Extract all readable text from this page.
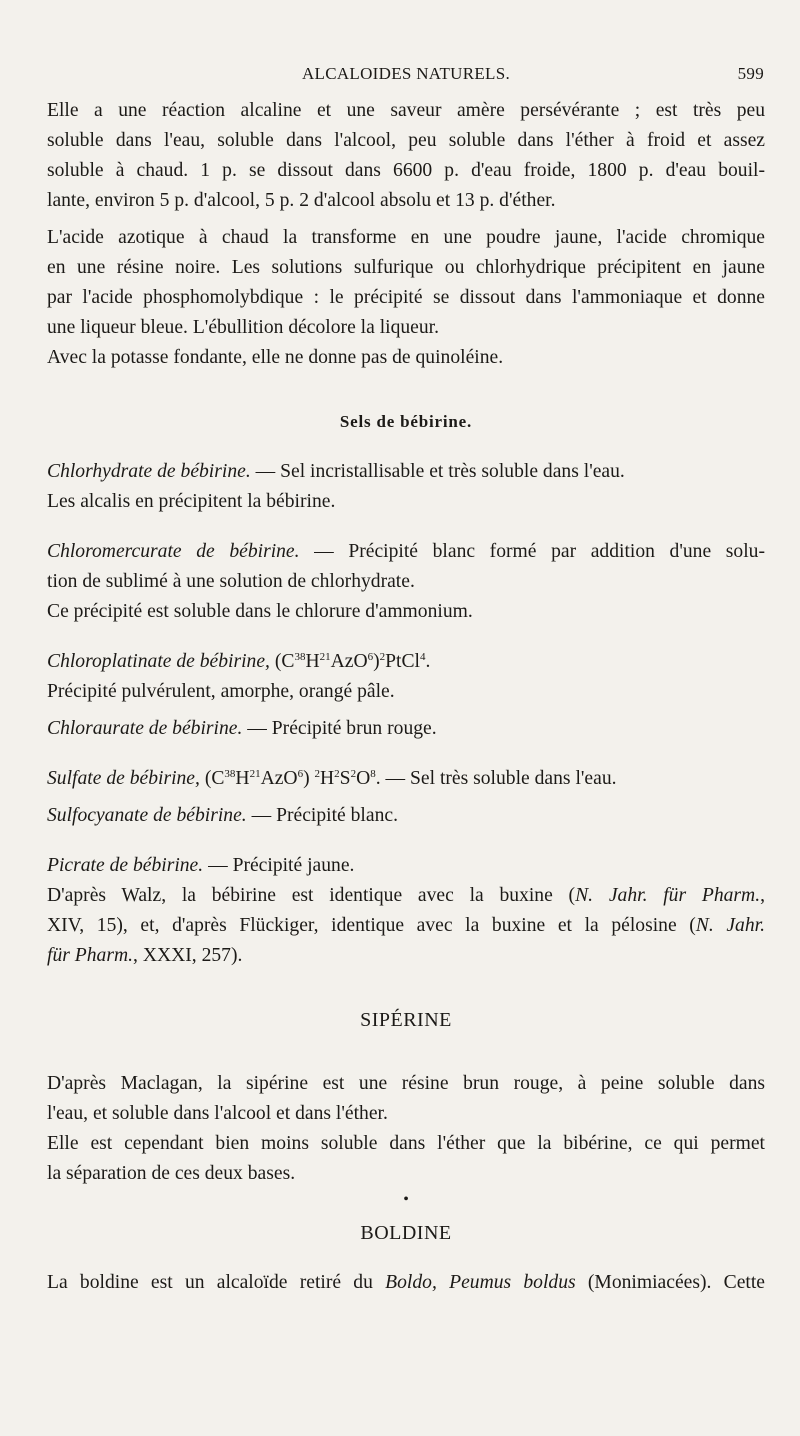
ALCALOIDES NATURELS.	599
Elle a une réaction alcaline et une saveur amère persévérante ; est très peu
soluble dans l'eau, soluble dans l'alcool, peu soluble dans l'éther à froid et assez
soluble à chaud. 1 p. se dissout dans 6600 p. d'eau froide, 1800 p. d'eau bouil-
lante, environ 5 p. d'alcool, 5 p. 2 d'alcool absolu et 13 p. d'éther.
L'acide azotique à chaud la transforme en une poudre jaune, l'acide chromique
en une résine noire. Les solutions sulfurique ou chlorhydrique précipitent en jaune
par l'acide phosphomolybdique : le précipité se dissout dans l'ammoniaque et donne
une liqueur bleue. L'ébullition décolore la liqueur.
Avec la potasse fondante, elle ne donne pas de quinoléine.
Sels de bébirine.
Chlorhydrate de bébirine. — Sel incristallisable et très soluble dans l'eau.
Les alcalis en précipitent la bébirine.
Chloromercurate de bébirine. — Précipité blanc formé par addition d'une solu-
tion de sublimé à une solution de chlorhydrate.
Ce précipité est soluble dans le chlorure d'ammonium.
Chloroplatinate de bébirine, $(C^{38}H^{21}AzO^6)^2PtCl^4$.
Précipité pulvérulent, amorphe, orangé pâle.
Chloraurate de bébirine. — Précipité brun rouge.
Sulfate de bébirine, $(C^{38}H^{21}AzO^6)$ $^2H^2S^2O^8$. — Sel très soluble dans l'eau.
Sulfocyanate de bébirine. — Précipité blanc.
Picrate de bébirine. — Précipité jaune.
D'après Walz, la bébirine est identique avec la buxine (N. Jahr. für Pharm.,
XIV, 15), et, d'après Flückiger, identique avec la buxine et la pélosine (N. Jahr.
für Pharm., XXXI, 257).
SIPÉRINE
D'après Maclagan, la sipérine est une résine brun rouge, à peine soluble dans
l'eau, et soluble dans l'alcool et dans l'éther.
Elle est cependant bien moins soluble dans l'éther que la bibérine, ce qui permet
la séparation de ces deux bases.
•
BOLDINE
La boldine est un alcaloïde retiré du Boldo, Peumus boldus (Monimiacées). Cette
